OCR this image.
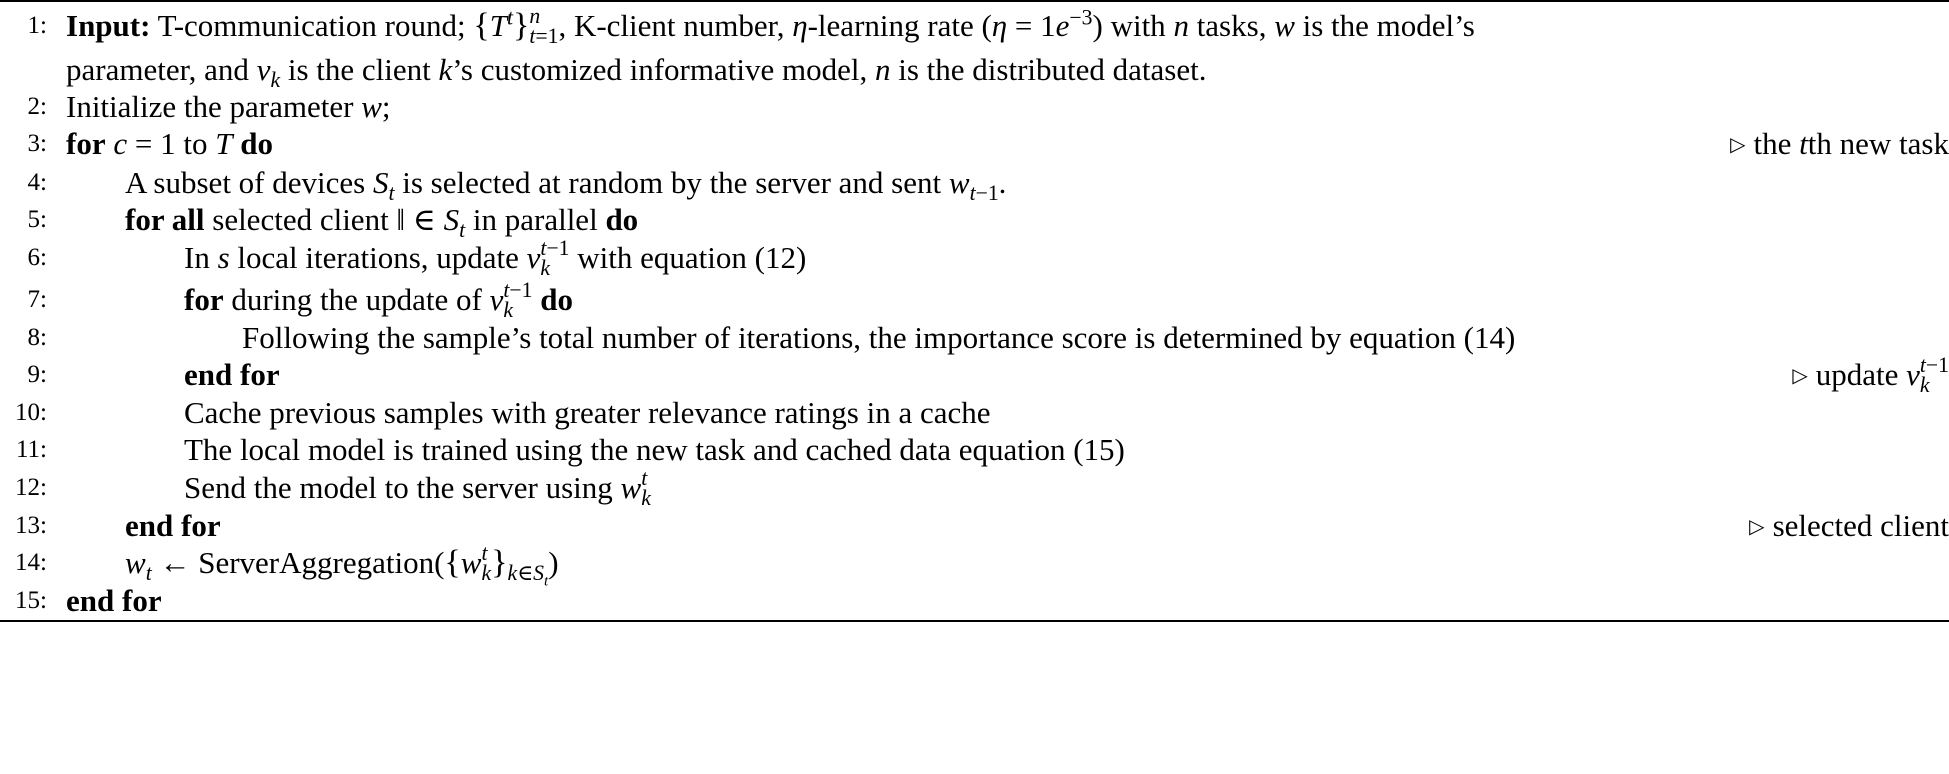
1: Input: T-communication round; $\{T^t\}$ n
t=1 , K-client number, η-learning rate $(\eta = 1e^{-3})$ with n tasks, w is the model’s
parameter, and $v_k$ is the client k’s customized informative model, n is the distributed dataset.
2: Initialize the parameter w;
3: for c = 1 to T do	▷ the tth new task
4:	A subset of devices $S_t$ is selected at random by the server and sent $w_{t-1}$.
5:	for all selected client ‖ ∈ $S_t$ in parallel do
6:	In s local iterations, update v t−1
k with equation (12)
7:	for during the update of v t−1
k do
8:	Following the sample’s total number of iterations, the importance score is determined by equation (14)
9:	end for	▷ update v t−1
k
10:	Cache previous samples with greater relevance ratings in a cache
11:	The local model is trained using the new task and cached data equation (15)
12:	Send the model to the server using w t
k
13:	end for	▷ selected client
14:	$w_t$ ← ServerAggregation({w t
k }$_{k\in S_t}$)
15: end for
